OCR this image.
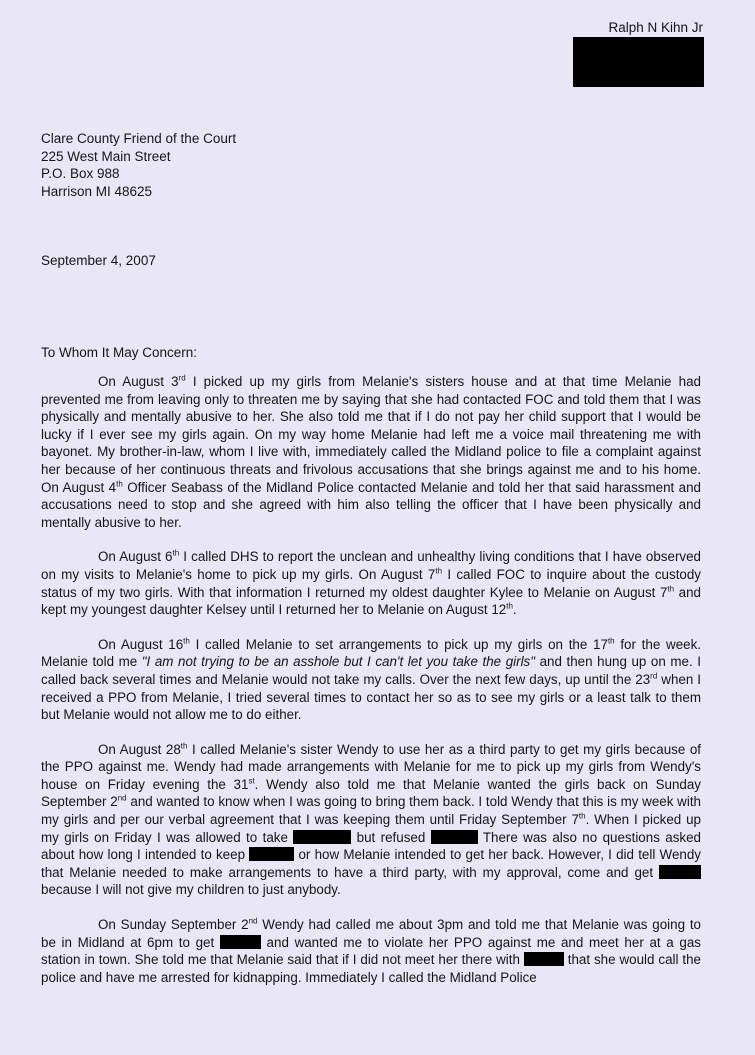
Ralph N Kihn Jr
Clare County Friend of the Court
225 West Main Street
P.O. Box 988
Harrison MI 48625
September 4, 2007
To Whom It May Concern:

On August 3rd I picked up my girls from Melanie's sisters house and at that time Melanie had prevented me from leaving only to threaten me by saying that she had contacted FOC and told them that I was physically and mentally abusive to her. She also told me that if I do not pay her child support that I would be lucky if I ever see my girls again. On my way home Melanie had left me a voice mail threatening me with bayonet. My brother-in-law, whom I live with, immediately called the Midland police to file a complaint against her because of her continuous threats and frivolous accusations that she brings against me and to his home. On August 4th Officer Seabass of the Midland Police contacted Melanie and told her that said harassment and accusations need to stop and she agreed with him also telling the officer that I have been physically and mentally abusive to her.

On August 6th I called DHS to report the unclean and unhealthy living conditions that I have observed on my visits to Melanie's home to pick up my girls. On August 7th I called FOC to inquire about the custody status of my two girls. With that information I returned my oldest daughter Kylee to Melanie on August 7th and kept my youngest daughter Kelsey until I returned her to Melanie on August 12th.

On August 16th I called Melanie to set arrangements to pick up my girls on the 17th for the week. Melanie told me "I am not trying to be an asshole but I can't let you take the girls" and then hung up on me. I called back several times and Melanie would not take my calls. Over the next few days, up until the 23rd when I received a PPO from Melanie, I tried several times to contact her so as to see my girls or a least talk to them but Melanie would not allow me to do either.

On August 28th I called Melanie's sister Wendy to use her as a third party to get my girls because of the PPO against me. Wendy had made arrangements with Melanie for me to pick up my girls from Wendy's house on Friday evening the 31st. Wendy also told me that Melanie wanted the girls back on Sunday September 2nd and wanted to know when I was going to bring them back. I told Wendy that this is my week with my girls and per our verbal agreement that I was keeping them until Friday September 7th. When I picked up my girls on Friday I was allowed to take	but refused	There was also no questions asked about how long I intended to keep	or how Melanie intended to get her back. However, I did tell Wendy that Melanie needed to make arrangements to have a third party, with my approval, come and get  because I will not give my children to just anybody.

On Sunday September 2nd Wendy had called me about 3pm and told me that Melanie was going to be in Midland at 6pm to get	and wanted me to violate her PPO against me and meet her at a gas station in town. She told me that Melanie said that if I did not meet her there with	that she would call the police and have me arrested for kidnapping. Immediately I called the Midland Police
